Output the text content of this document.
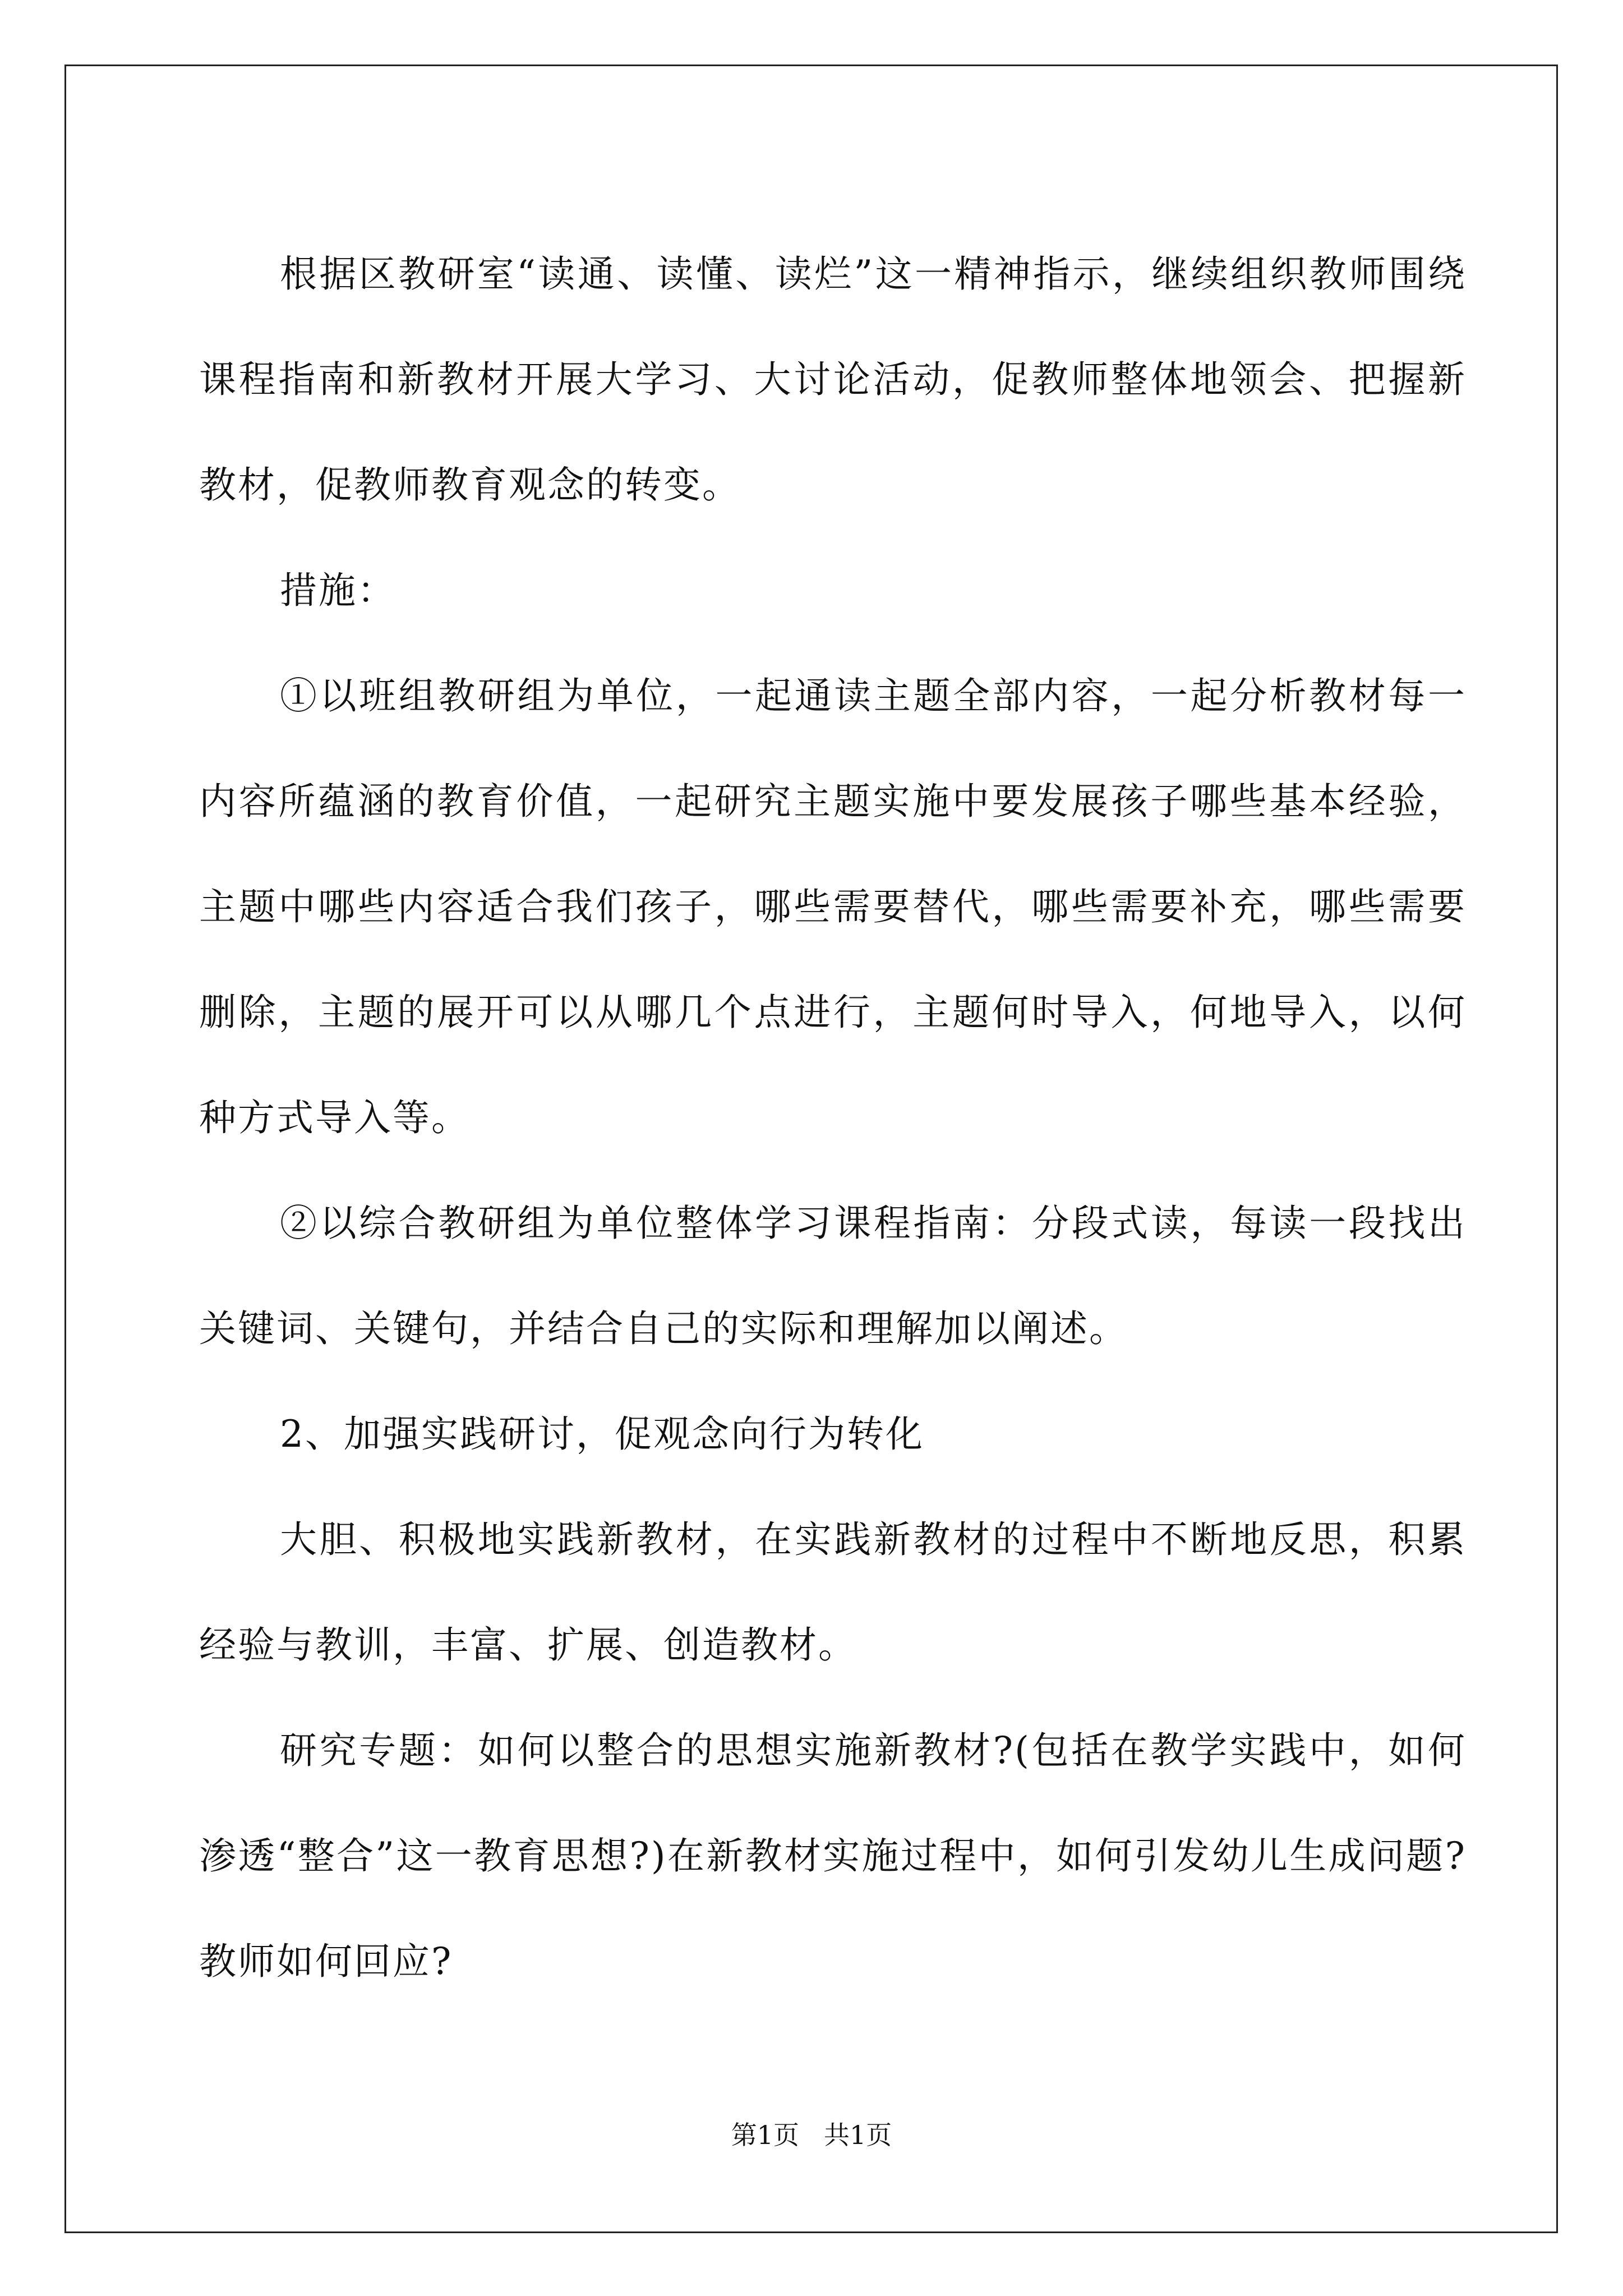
根据区教研室“读通、读懂、读烂”这一精神指示，继续组织教师围绕课程指南和新教材开展大学习、大讨论活动，促教师整体地领会、把握新教材，促教师教育观念的转变。

措施：

①以班组教研组为单位，一起通读主题全部内容，一起分析教材每一内容所蕴涵的教育价值，一起研究主题实施中要发展孩子哪些基本经验，主题中哪些内容适合我们孩子，哪些需要替代，哪些需要补充，哪些需要删除，主题的展开可以从哪几个点进行，主题何时导入，何地导入，以何种方式导入等。

②以综合教研组为单位整体学习课程指南：分段式读，每读一段找出关键词、关键句，并结合自己的实际和理解加以阐述。

2、加强实践研讨，促观念向行为转化

大胆、积极地实践新教材，在实践新教材的过程中不断地反思，积累经验与教训，丰富、扩展、创造教材。

研究专题：如何以整合的思想实施新教材?(包括在教学实践中，如何渗透“整合”这一教育思想?)在新教材实施过程中，如何引发幼儿生成问题?教师如何回应?

第1页 共1页
